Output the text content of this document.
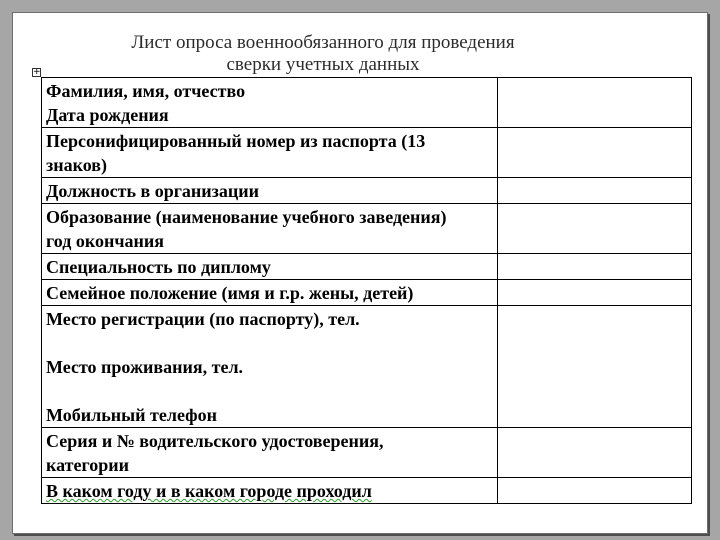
Лист опроса военнообязанного для проведения
сверки учетных данных
+
Фамилия, имя, отчество
Дата рождения	

Персонифицированный номер из паспорта (13
знаков)	

Должность в организации	

Образование (наименование учебного заведения)
год окончания	

Специальность по диплому	

Семейное положение (имя и г.р. жены, детей)	

Место регистрации (по паспорту), тел.
Место проживания, тел.
Мобильный телефон	

Серия и № водительского удостоверения,
категории	

В каком году и в каком городе проходил	
